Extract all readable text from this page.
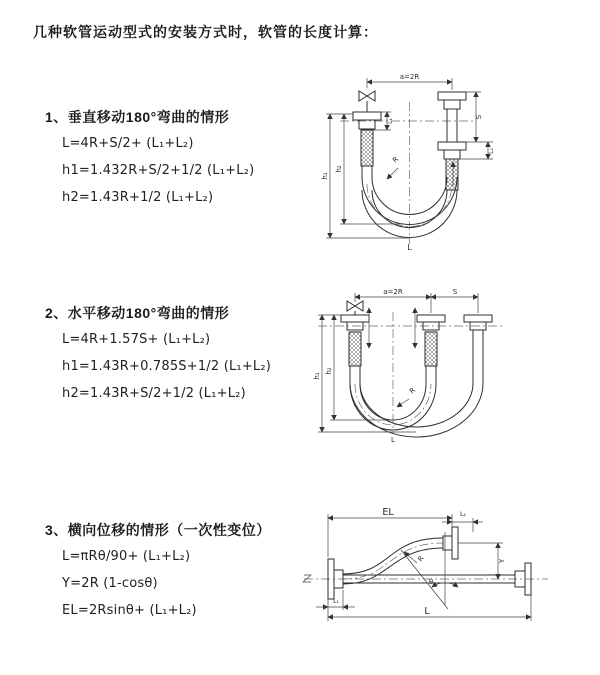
几种软管运动型式的安装方式时，软管的长度计算：
1、垂直移动180°弯曲的情形
L=4R+S/2+ (L₁+L₂)
h1=1.432R+S/2+1/2 (L₁+L₂)
h2=1.43R+1/2 (L₁+L₂)
2、水平移动180°弯曲的情形
L=4R+1.57S+ (L₁+L₂)
h1=1.43R+0.785S+1/2 (L₁+L₂)
h2=1.43R+S/2+1/2 (L₁+L₂)
3、横向位移的情形（一次性变位）
L=πRθ/90+ (L₁+L₂)
Y=2R (1-cosθ)
EL=2Rsinθ+ (L₁+L₂)
a=2R
h₁
h₂
S
L₂
L₁
R
L
a=2R	S
h₁
h₂
R
L
EL	L₂
Y
θ
R
L₁
L
